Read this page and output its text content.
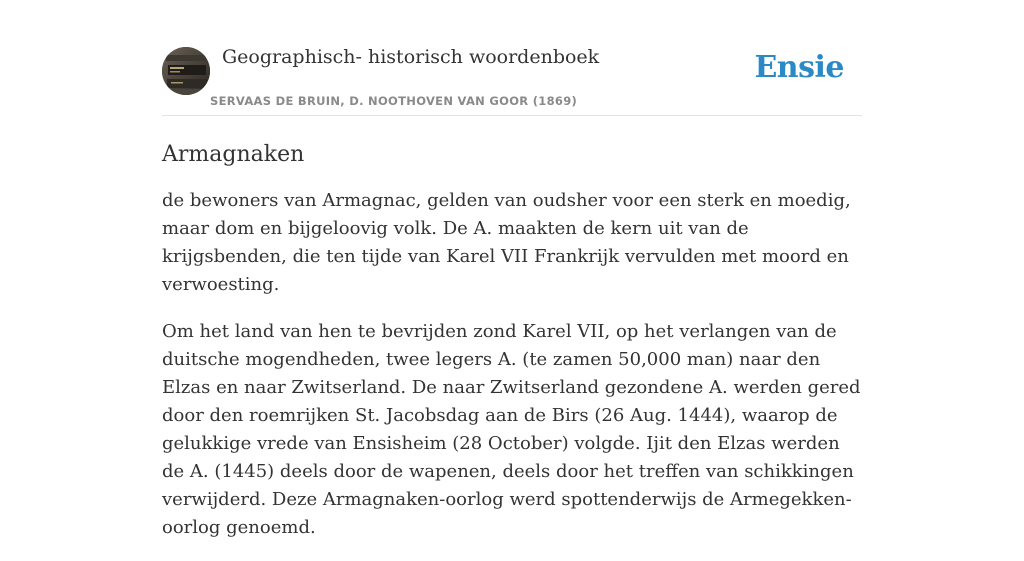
Geographisch- historisch woordenboek
SERVAAS DE BRUIN, D. NOOTHOVEN VAN GOOR (1869)
Ensie
Armagnaken

de bewoners van Armagnac, gelden van oudsher voor een sterk en moedig, maar dom en bijgeloovig volk. De A. maakten de kern uit van de krijgsbenden, die ten tijde van Karel VII Frankrijk vervulden met moord en verwoesting.

Om het land van hen te bevrijden zond Karel VII, op het verlangen van de duitsche mogendheden, twee legers A. (te zamen 50,000 man) naar den Elzas en naar Zwitserland. De naar Zwitserland gezondene A. werden gered door den roemrijken St. Jacobsdag aan de Birs (26 Aug. 1444), waarop de gelukkige vrede van Ensisheim (28 October) volgde. Ijit den Elzas werden de A. (1445) deels door de wapenen, deels door het treffen van schikkingen verwijderd. Deze Armagnaken-oorlog werd spottenderwijs de Armegekken-oorlog genoemd.
